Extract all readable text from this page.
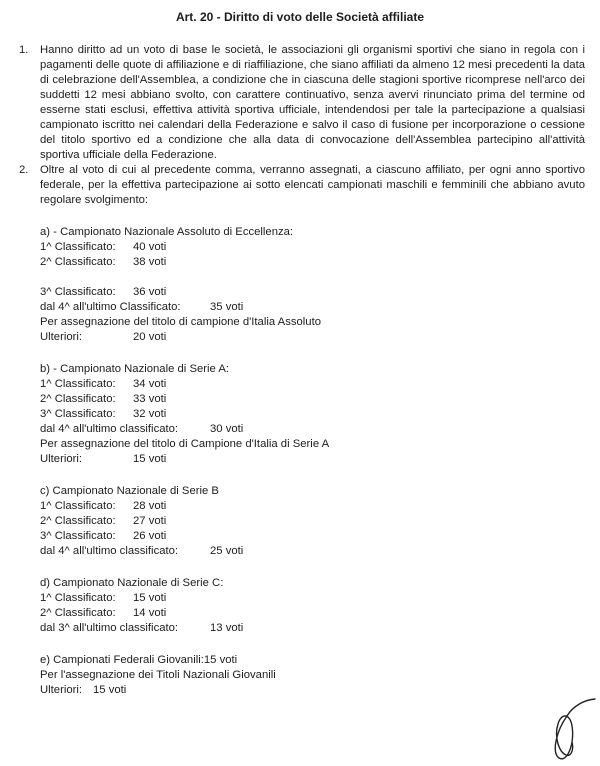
Art. 20 - Diritto di voto delle Società affiliate
1. Hanno diritto ad un voto di base le società, le associazioni gli organismi sportivi che siano in regola con i pagamenti delle quote di affiliazione e di riaffiliazione, che siano affiliati da almeno 12 mesi precedenti la data di celebrazione dell'Assemblea, a condizione che in ciascuna delle stagioni sportive ricomprese nell'arco dei suddetti 12 mesi abbiano svolto, con carattere continuativo, senza avervi rinunciato prima del termine od esserne stati esclusi, effettiva attività sportiva ufficiale, intendendosi per tale la partecipazione a qualsiasi campionato iscritto nei calendari della Federazione e salvo il caso di fusione per incorporazione o cessione del titolo sportivo ed a condizione che alla data di convocazione dell'Assemblea partecipino all'attività sportiva ufficiale della Federazione.
2. Oltre al voto di cui al precedente comma, verranno assegnati, a ciascuno affiliato, per ogni anno sportivo federale, per la effettiva partecipazione ai sotto elencati campionati maschili e femminili che abbiano avuto regolare svolgimento:
a) - Campionato Nazionale Assoluto di Eccellenza:
1^ Classificato: 40 voti
2^ Classificato: 38 voti
3^ Classificato: 36 voti
dal 4^ all'ultimo Classificato:	35 voti
Per assegnazione del titolo di campione d'Italia Assoluto
Ulteriori:	20 voti
b) - Campionato Nazionale di Serie A:
1^ Classificato: 34 voti
2^ Classificato: 33 voti
3^ Classificato: 32 voti
dal 4^ all'ultimo classificato:	30 voti
Per assegnazione del titolo di Campione d'Italia di Serie A
Ulteriori:	15 voti
c) Campionato Nazionale di Serie B
1^ Classificato: 28 voti
2^ Classificato: 27 voti
3^ Classificato: 26 voti
dal 4^ all'ultimo classificato:	25 voti
d) Campionato Nazionale di Serie C:
1^ Classificato: 15 voti
2^ Classificato: 14 voti
dal 3^ all'ultimo classificato:	13 voti
e) Campionati Federali Giovanili:15 voti
Per l'assegnazione dei Titoli Nazionali Giovanili
Ulteriori: 15 voti
